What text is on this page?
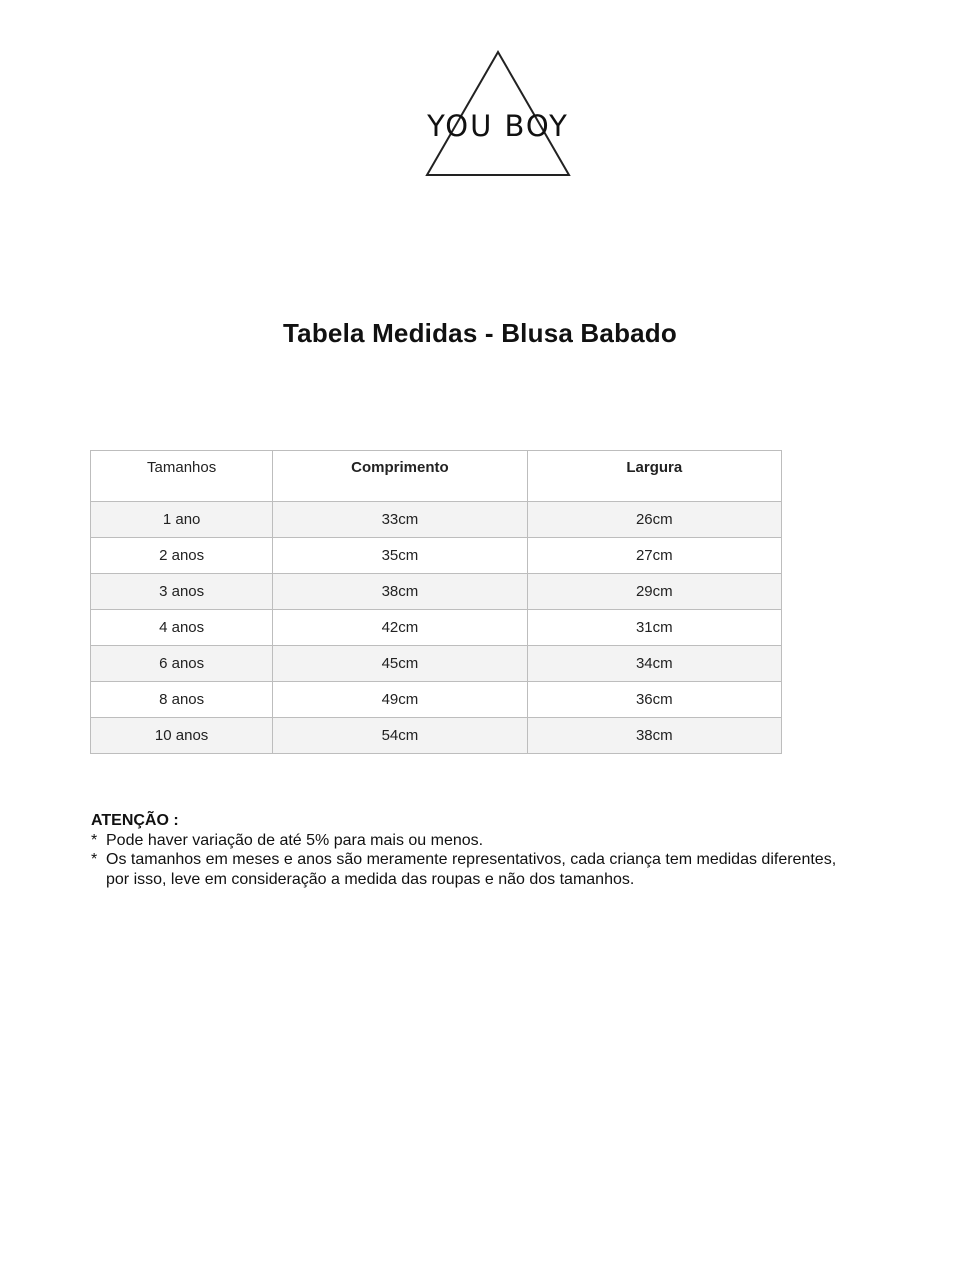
YOU BOY
Tabela Medidas - Blusa Babado
Tamanhos	Comprimento	Largura
1 ano	33cm	26cm
2 anos	35cm	27cm
3 anos	38cm	29cm
4 anos	42cm	31cm
6 anos	45cm	34cm
8 anos	49cm	36cm
10 anos	54cm	38cm
ATENÇÃO :
* Pode haver variação de até 5% para mais ou menos.
* Os tamanhos em meses e anos são meramente representativos, cada criança tem medidas diferentes, por isso, leve em consideração a medida das roupas e não dos tamanhos.
